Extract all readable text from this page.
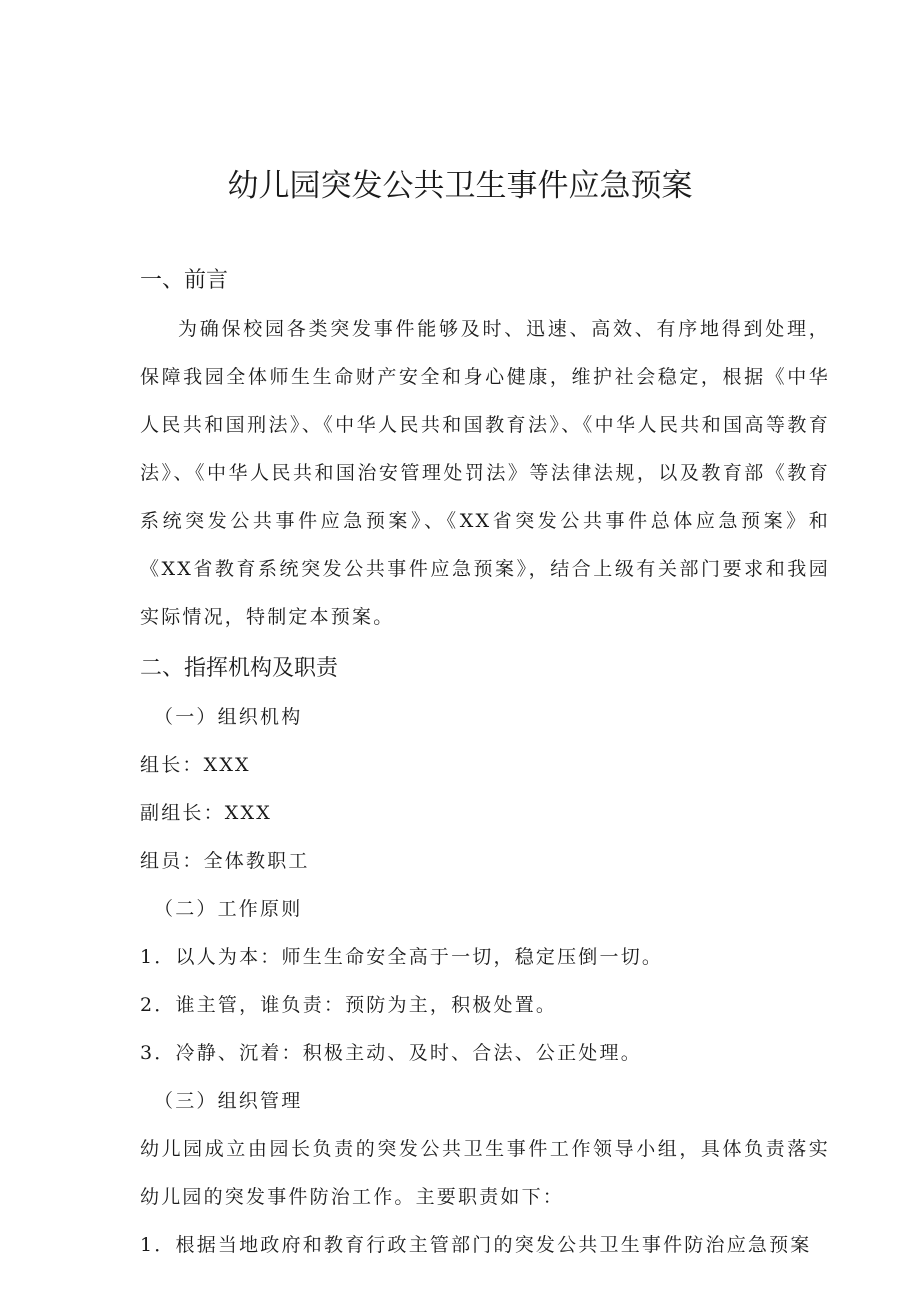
幼儿园突发公共卫生事件应急预案
一、前言

为确保校园各类突发事件能够及时、迅速、高效、有序地得到处理，保障我园全体师生生命财产安全和身心健康，维护社会稳定，根据《中华人民共和国刑法》、《中华人民共和国教育法》、《中华人民共和国高等教育法》、《中华人民共和国治安管理处罚法》等法律法规，以及教育部《教育系统突发公共事件应急预案》、《XX省突发公共事件总体应急预案》和《XX省教育系统突发公共事件应急预案》，结合上级有关部门要求和我园实际情况，特制定本预案。

二、指挥机构及职责
（一）组织机构
组长：XXX
副组长：XXX
组员：全体教职工
（二）工作原则
1．以人为本：师生生命安全高于一切，稳定压倒一切。
2．谁主管，谁负责：预防为主，积极处置。
3．冷静、沉着：积极主动、及时、合法、公正处理。
（三）组织管理

幼儿园成立由园长负责的突发公共卫生事件工作领导小组，具体负责落实幼儿园的突发事件防治工作。主要职责如下：

1．根据当地政府和教育行政主管部门的突发公共卫生事件防治应急预案
